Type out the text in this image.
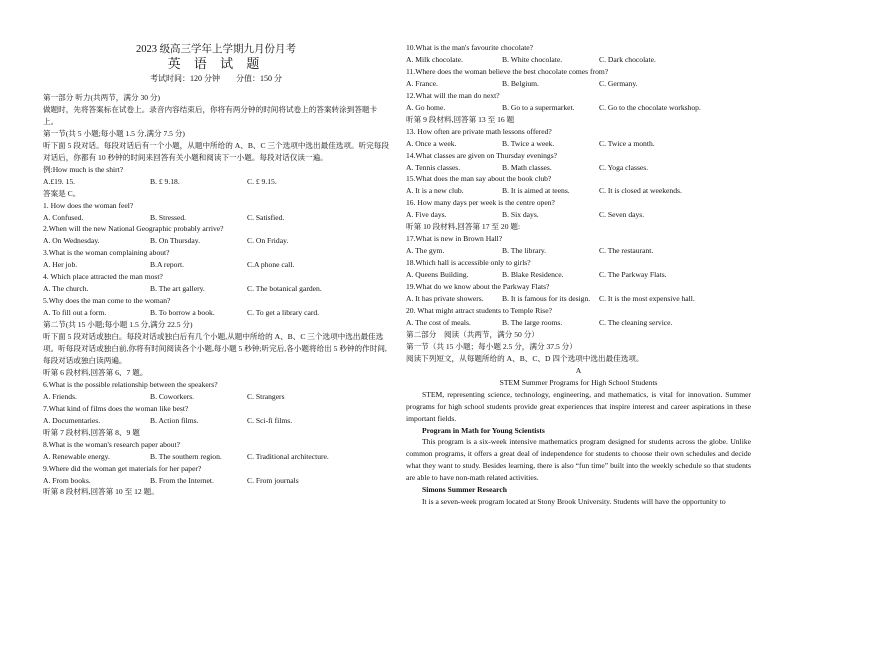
2023 级高三学年上学期九月份月考
英 语 试 题
考试时间：120 分钟　　分值：150 分
第一部分 听力(共两节，满分 30 分)
做题时，先将答案标在试卷上。录音内容结束后，你将有两分钟的时间将试卷上的答案转涂到答题卡上。
第一节(共 5 小题;每小题 1.5 分,满分 7.5 分)
听下面 5 段对话。每段对话后有一个小题，从题中所给的 A、B、C 三个选项中选出最佳选项。听完每段对话后，你都有 10 秒钟的时间来回答有关小题和阅读下一小题。每段对话仅读一遍。
例:How much is the shirt?
A.£19. 15.	B. £ 9.18.	C. £ 9.15.
答案是 C。
1. How does the woman feel?
A. Confused.	B. Stressed.	C. Satisfied.
2.When will the new National Geographic probably arrive?
A. On Wednesday.	B. On Thursday.	C. On Friday.
3.What is the woman complaining about?
A. Her job.	B.A report.	C.A phone call.
4. Which place attracted the man most?
A. The church.	B. The art gallery.	C. The botanical garden.
5.Why does the man come to the woman?
A. To fill out a form.	B. To borrow a book.	C. To get a library card.
第二节(共 15 小题;每小题 1.5 分,满分 22.5 分)
听下面 5 段对话或独白。每段对话或独白后有几个小题,从题中所给的 A、B、C 三个选项中选出最佳选项。听每段对话或独白前,你将有时间阅读各个小题,每小题 5 秒钟;听完后,各小题将给出 5 秒钟的作时间,每段对话或独白读两遍。
听第 6 段材料,回答第 6、7 题。
6.What is the possible relationship between the speakers?
A. Friends.	B. Coworkers.	C. Strangers
7.What kind of films does the woman like best?
A. Documentaries.	B. Action films.	C. Sci-fi films.
听第 7 段材料,回答第 8、9 题
8.What is the woman's research paper about?
A. Renewable energy.	B. The southern region.	C. Traditional architecture.
9.Where did the woman get materials for her paper?
A. From books.	B. From the Internet.	C. From journals
听第 8 段材料,回答第 10 至 12 题。
10.What is the man's favourite chocolate?
A. Milk chocolate.	B. White chocolate.	C. Dark chocolate.
11.Where does the woman believe the best chocolate comes from?
A. France.	B. Belgium.	C. Germany.
12.What will the man do next?
A. Go home.	B. Go to a supermarket.	C. Go to the chocolate workshop.
听第 9 段材料,回答第 13 至 16 题
13. How often are private math lessons offered?
A. Once a week.	B. Twice a week.	C. Twice a month.
14.What classes are given on Thursday evenings?
A. Tennis classes.	B. Math classes.	C. Yoga classes.
15.What does the man say about the book club?
A. It is a new club.	B. It is aimed at teens.	C. It is closed at weekends.
16. How many days per week is the centre open?
A. Five days.	B. Six days.	C. Seven days.
听第 10 段材料,回答第 17 至 20 题:
17.What is new in Brown Hall?
A. The gym.	B. The library.	C. The restaurant.
18.Which hall is accessible only to girls?
A. Queens Building.	B. Blake Residence.	C. The Parkway Flats.
19.What do we know about the Parkway Flats?
A. It has private showers.	B. It is famous for its design.	C. It is the most expensive hall.
20. What might attract students to Temple Rise?
A. The cost of meals.	B. The large rooms.	C. The cleaning service.
第二部分　阅读（共两节，满分 50 分）
第一节（共 15 小题；每小题 2.5 分，满分 37.5 分）
阅读下列短文，从每题所给的 A、B、C、D 四个选项中选出最佳选项。
A
STEM Summer Programs for High School Students
STEM, representing science, technology, engineering, and mathematics, is vital for innovation. Summer programs for high school students provide great experiences that inspire interest and career aspirations in these important fields.
Program in Math for Young Scientists
This program is a six-week intensive mathematics program designed for students across the globe. Unlike common programs, it offers a great deal of independence for students to choose their own schedules and decide what they want to study. Besides learning, there is also “fun time” built into the weekly schedule so that students are able to have non-math related activities.
Simons Summer Research
It is a seven-week program located at Stony Brook University. Students will have the opportunity to
